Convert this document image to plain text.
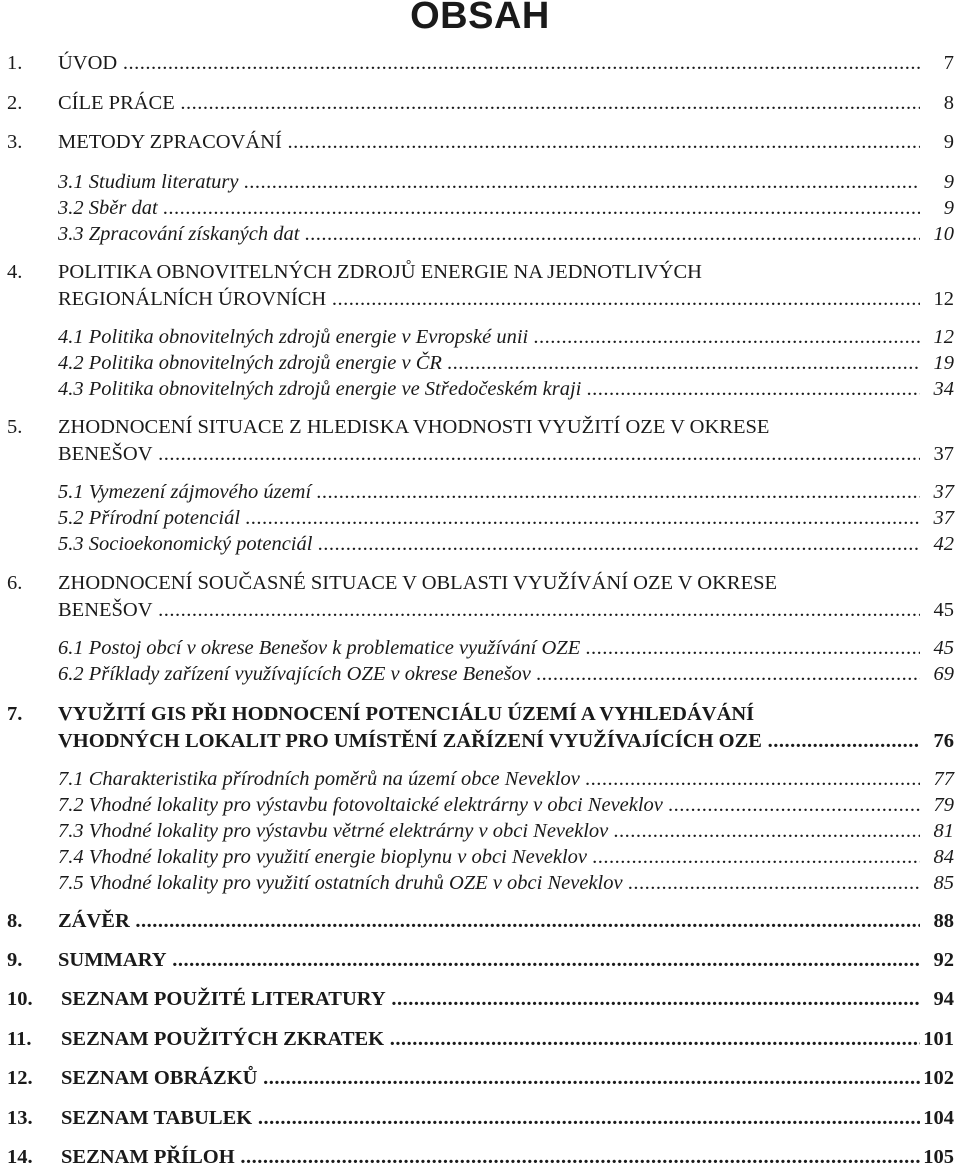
OBSAH
1. ÚVOD .....	7
2. CÍLE PRÁCE .....	8
3. METODY ZPRACOVÁNÍ .....	9
3.1 Studium literatury .....	9
3.2 Sběr dat .....	9
3.3 Zpracování získaných dat .....	10
4. POLITIKA OBNOVITELNÝCH ZDROJŮ ENERGIE NA JEDNOTLIVÝCH
REGIONÁLNÍCH ÚROVNÍCH .....	12
4.1 Politika obnovitelných zdrojů energie v Evropské unii .....	12
4.2 Politika obnovitelných zdrojů energie v ČR .....	19
4.3 Politika obnovitelných zdrojů energie ve Středočeském kraji .....	34
5. ZHODNOCENÍ SITUACE Z HLEDISKA VHODNOSTI VYUŽITÍ OZE V OKRESE
BENEŠOV .....	37
5.1 Vymezení zájmového území .....	37
5.2 Přírodní potenciál .....	37
5.3 Socioekonomický potenciál .....	42
6. ZHODNOCENÍ SOUČASNÉ SITUACE V OBLASTI VYUŽÍVÁNÍ OZE V OKRESE
BENEŠOV .....	45
6.1 Postoj obcí v okrese Benešov k problematice využívání OZE .....	45
6.2 Příklady zařízení využívajících OZE v okrese Benešov .....	69
7. VYUŽITÍ GIS PŘI HODNOCENÍ POTENCIÁLU ÚZEMÍ A VYHLEDÁVÁNÍ
VHODNÝCH LOKALIT PRO UMÍSTĚNÍ ZAŘÍZENÍ VYUŽÍVAJÍCÍCH OZE .....	76
7.1 Charakteristika přírodních poměrů na území obce Neveklov .....	77
7.2 Vhodné lokality pro výstavbu fotovoltaické elektrárny v obci Neveklov .....	79
7.3 Vhodné lokality pro výstavbu větrné elektrárny v obci Neveklov .....	81
7.4 Vhodné lokality pro využití energie bioplynu v obci Neveklov .....	84
7.5 Vhodné lokality pro využití ostatních druhů OZE v obci Neveklov .....	85
8. ZÁVĚR .....	88
9. SUMMARY .....	92
10. SEZNAM POUŽITÉ LITERATURY .....	94
11. SEZNAM POUŽITÝCH ZKRATEK .....	101
12. SEZNAM OBRÁZKŮ .....	102
13. SEZNAM TABULEK .....	104
14. SEZNAM PŘÍLOH .....	105
